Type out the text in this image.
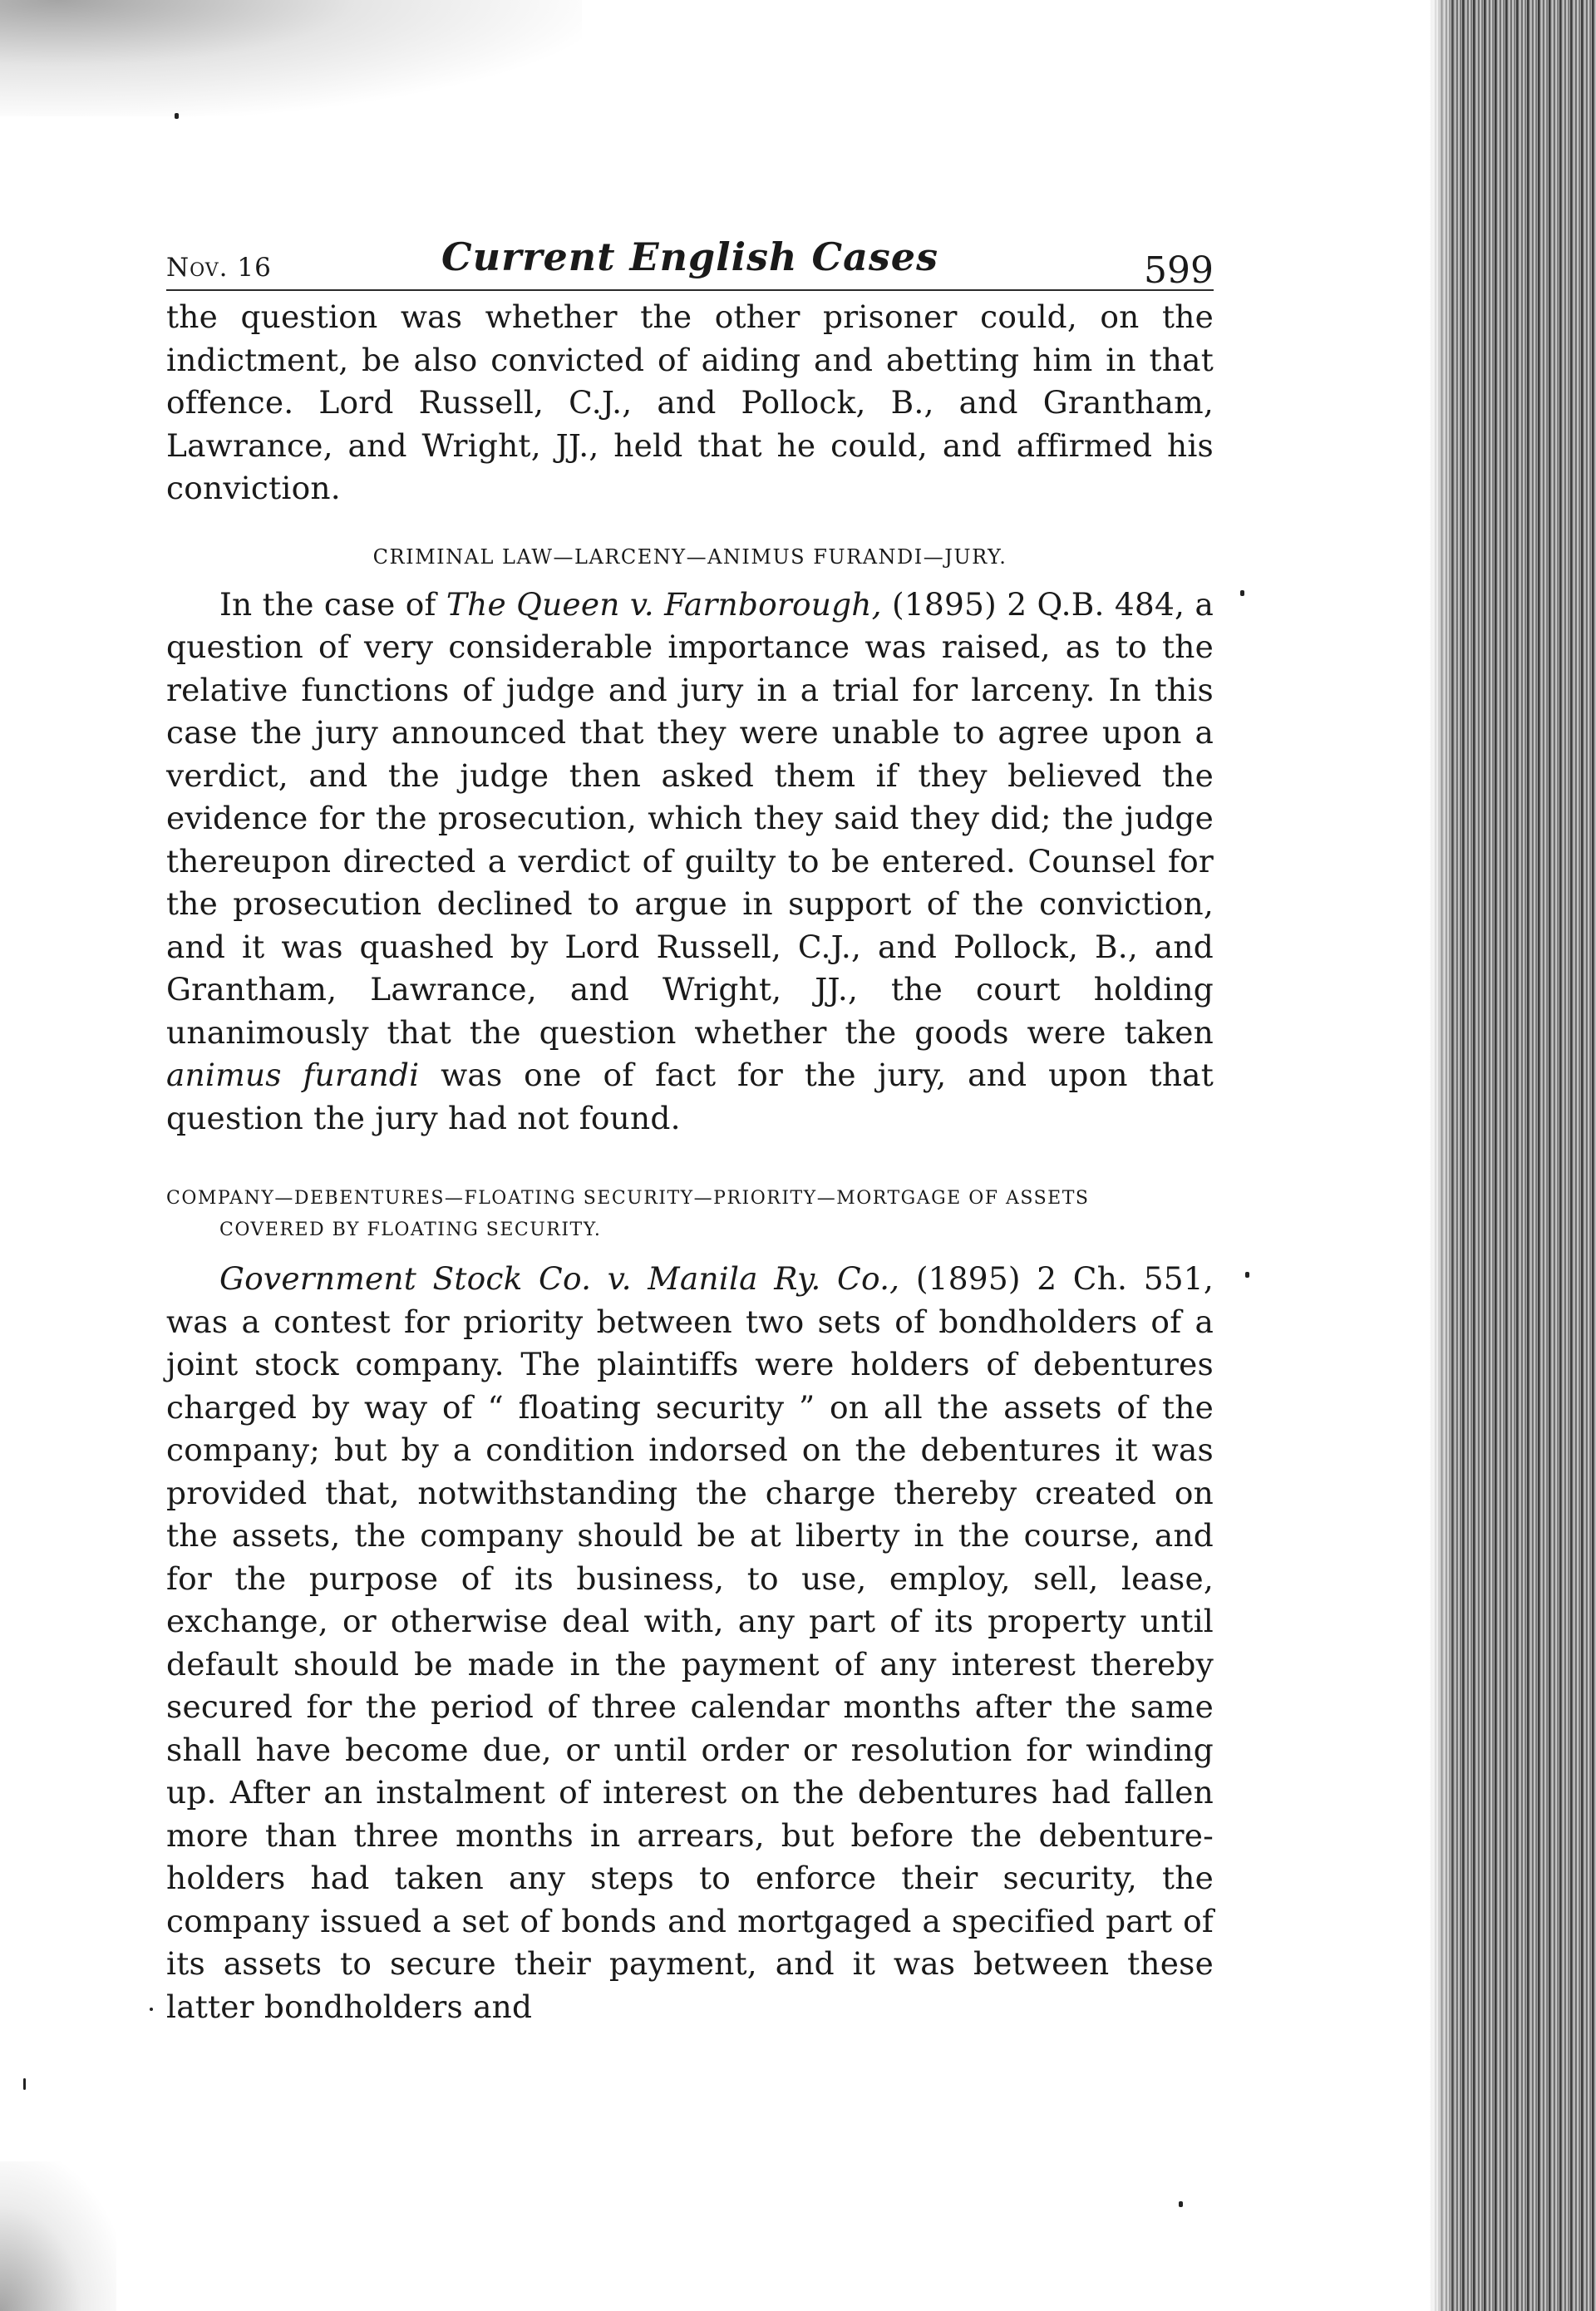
Nov. 16	Current English Cases	599

the question was whether the other prisoner could, on the indictment, be also convicted of aiding and abetting him in that offence. Lord Russell, C.J., and Pollock, B., and Grantham, Lawrance, and Wright, JJ., held that he could, and affirmed his conviction.

CRIMINAL LAW—LARCENY—ANIMUS FURANDI—JURY.

In the case of The Queen v. Farnborough, (1895) 2 Q.B. 484, a question of very considerable importance was raised, as to the relative functions of judge and jury in a trial for larceny. In this case the jury announced that they were unable to agree upon a verdict, and the judge then asked them if they believed the evidence for the prosecution, which they said they did; the judge thereupon directed a verdict of guilty to be entered. Counsel for the prosecution declined to argue in support of the conviction, and it was quashed by Lord Russell, C.J., and Pollock, B., and Grantham, Lawrance, and Wright, JJ., the court holding unanimously that the question whether the goods were taken animus furandi was one of fact for the jury, and upon that question the jury had not found.

COMPANY—DEBENTURES—FLOATING SECURITY—PRIORITY—MORTGAGE OF ASSETS
COVERED BY FLOATING SECURITY.

Government Stock Co. v. Manila Ry. Co., (1895) 2 Ch. 551, was a contest for priority between two sets of bondholders of a joint stock company. The plaintiffs were holders of debentures charged by way of “ floating security ” on all the assets of the company; but by a condition indorsed on the debentures it was provided that, notwithstanding the charge thereby created on the assets, the company should be at liberty in the course, and for the purpose of its business, to use, employ, sell, lease, exchange, or otherwise deal with, any part of its property until default should be made in the payment of any interest thereby secured for the period of three calendar months after the same shall have become due, or until order or resolution for winding up. After an instalment of interest on the debentures had fallen more than three months in arrears, but before the debenture-holders had taken any steps to enforce their security, the company issued a set of bonds and mortgaged a specified part of its assets to secure their payment, and it was between these latter bondholders and
